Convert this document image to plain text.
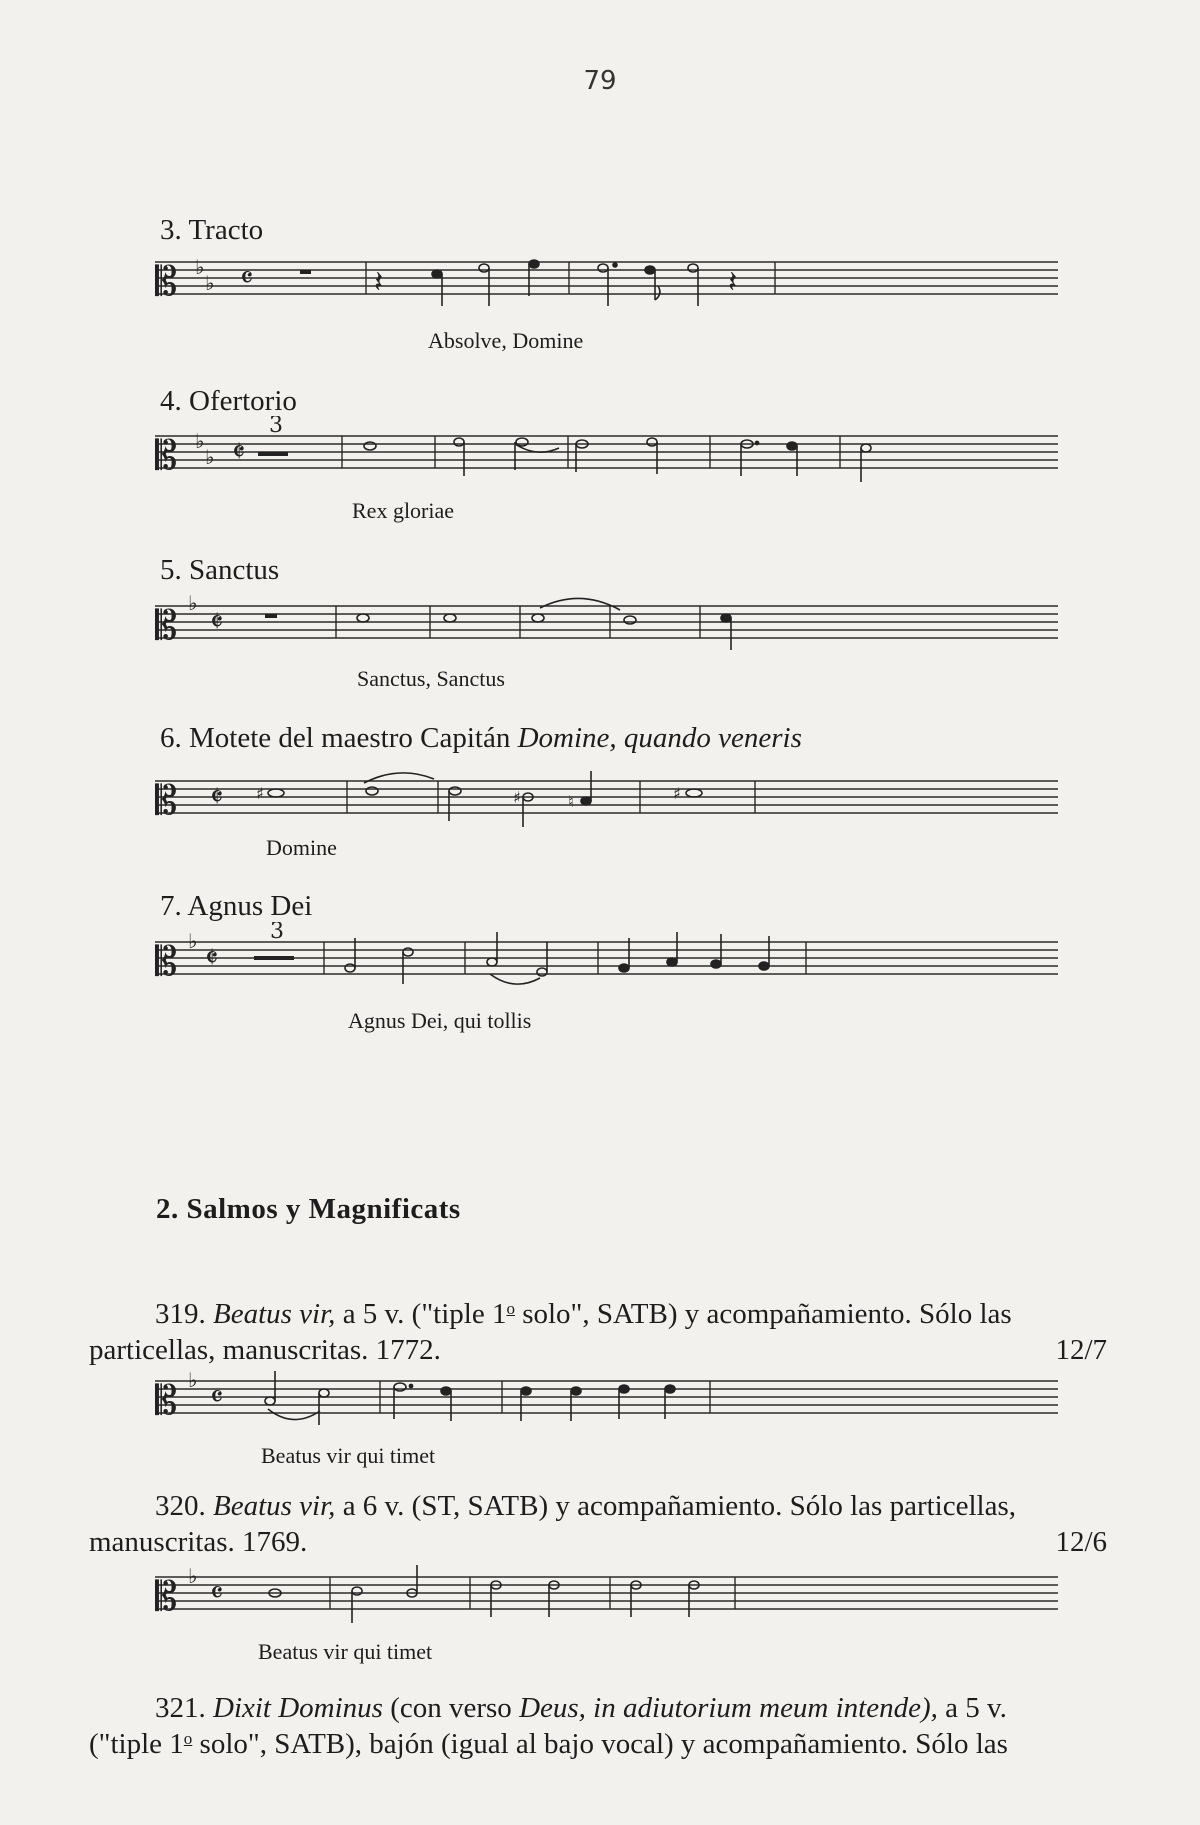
79
3. Tracto
𝄡 ♭
♭ 𝄴	𝄽	𝄽
Absolve, Domine
4. Ofertorio
𝄡 ♭
♭ 𝄵
3
Rex gloriae
5. Sanctus
𝄡 ♭
𝄵
Sanctus, Sanctus
6. Motete del maestro Capitán Domine, quando veneris
𝄡 𝄵 ♯	♯	♮	♯
Domine
7. Agnus Dei
𝄡 ♭ 𝄵
3
Agnus Dei, qui tollis
2. Salmos y Magnificats
319. Beatus vir, a 5 v. ("tiple 1$^o$ solo", SATB) y acompañamiento. Sólo las
particellas, manuscritas. 1772.	12/7
𝄡 ♭ 𝄴
Beatus vir qui timet
320. Beatus vir, a 6 v. (ST, SATB) y acompañamiento. Sólo las particellas,
manuscritas. 1769.	12/6
𝄡 ♭ 𝄴
Beatus vir qui timet
321. Dixit Dominus (con verso Deus, in adiutorium meum intende), a 5 v.
("tiple 1$^o$ solo", SATB), bajón (igual al bajo vocal) y acompañamiento. Sólo las
